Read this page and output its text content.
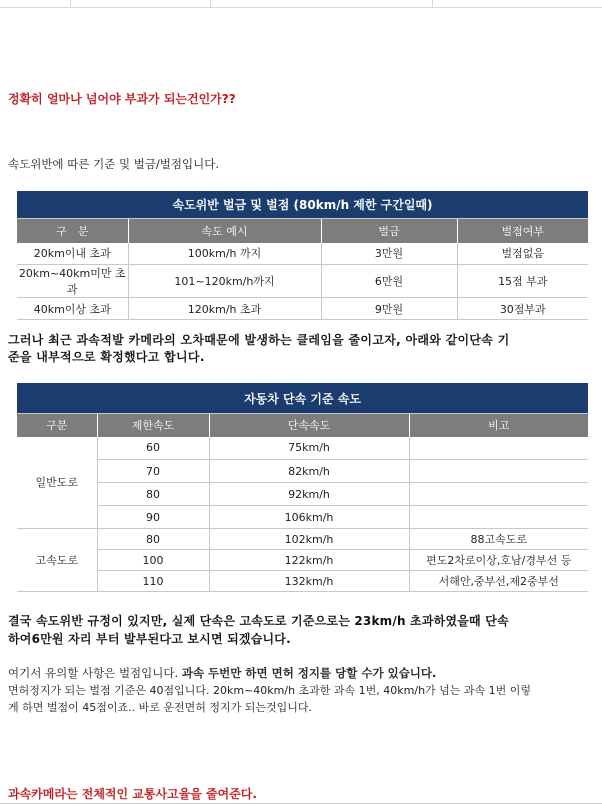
정확히 얼마나 넘어야 부과가 되는건인가??
속도위반에 따른 기준 및 벌금/벌점입니다.
속도위반 벌금 및 벌점 (80km/h 제한 구간일때)			
구　분	속도 예시	벌금	벌점여부
20km이내 초과	100km/h 까지	3만원	벌점없음
20km~40km미만 초과	101~120km/h까지	6만원	15점 부과
40km이상 초과	120km/h 초과	9만원	30점부과
그러나 최근 과속적발 카메라의 오차때문에 발생하는 클레임을 줄이고자, 아래와 같이단속 기
준을 내부적으로 확정했다고 합니다.
자동차 단속 기준 속도			
구분	제한속도	단속속도	비고
일반도로	60	75km/h	
	70	82km/h	
	80	92km/h	
	90	106km/h	
고속도로	80	102km/h	88고속도로
	100	122km/h	편도2차로이상,호남/경부선 등
	110	132km/h	서해안,중부선,제2중부선
결국 속도위반 규정이 있지만, 실제 단속은 고속도로 기준으로는 23km/h 초과하였을때 단속
하여6만원 자리 부터 발부된다고 보시면 되겠습니다.
여기서 유의할 사항은 벌점입니다. 과속 두번만 하면 면허 정지를 당할 수가 있습니다.
면허정지가 되는 벌점 기준은 40점입니다. 20km~40km/h 초과한 과속 1번, 40km/h가 넘는 과속 1번 이렇
게 하면 벌점이 45점이죠.. 바로 운전면허 정지가 되는것입니다.
과속카메라는 전체적인 교통사고율을 줄여준다.
